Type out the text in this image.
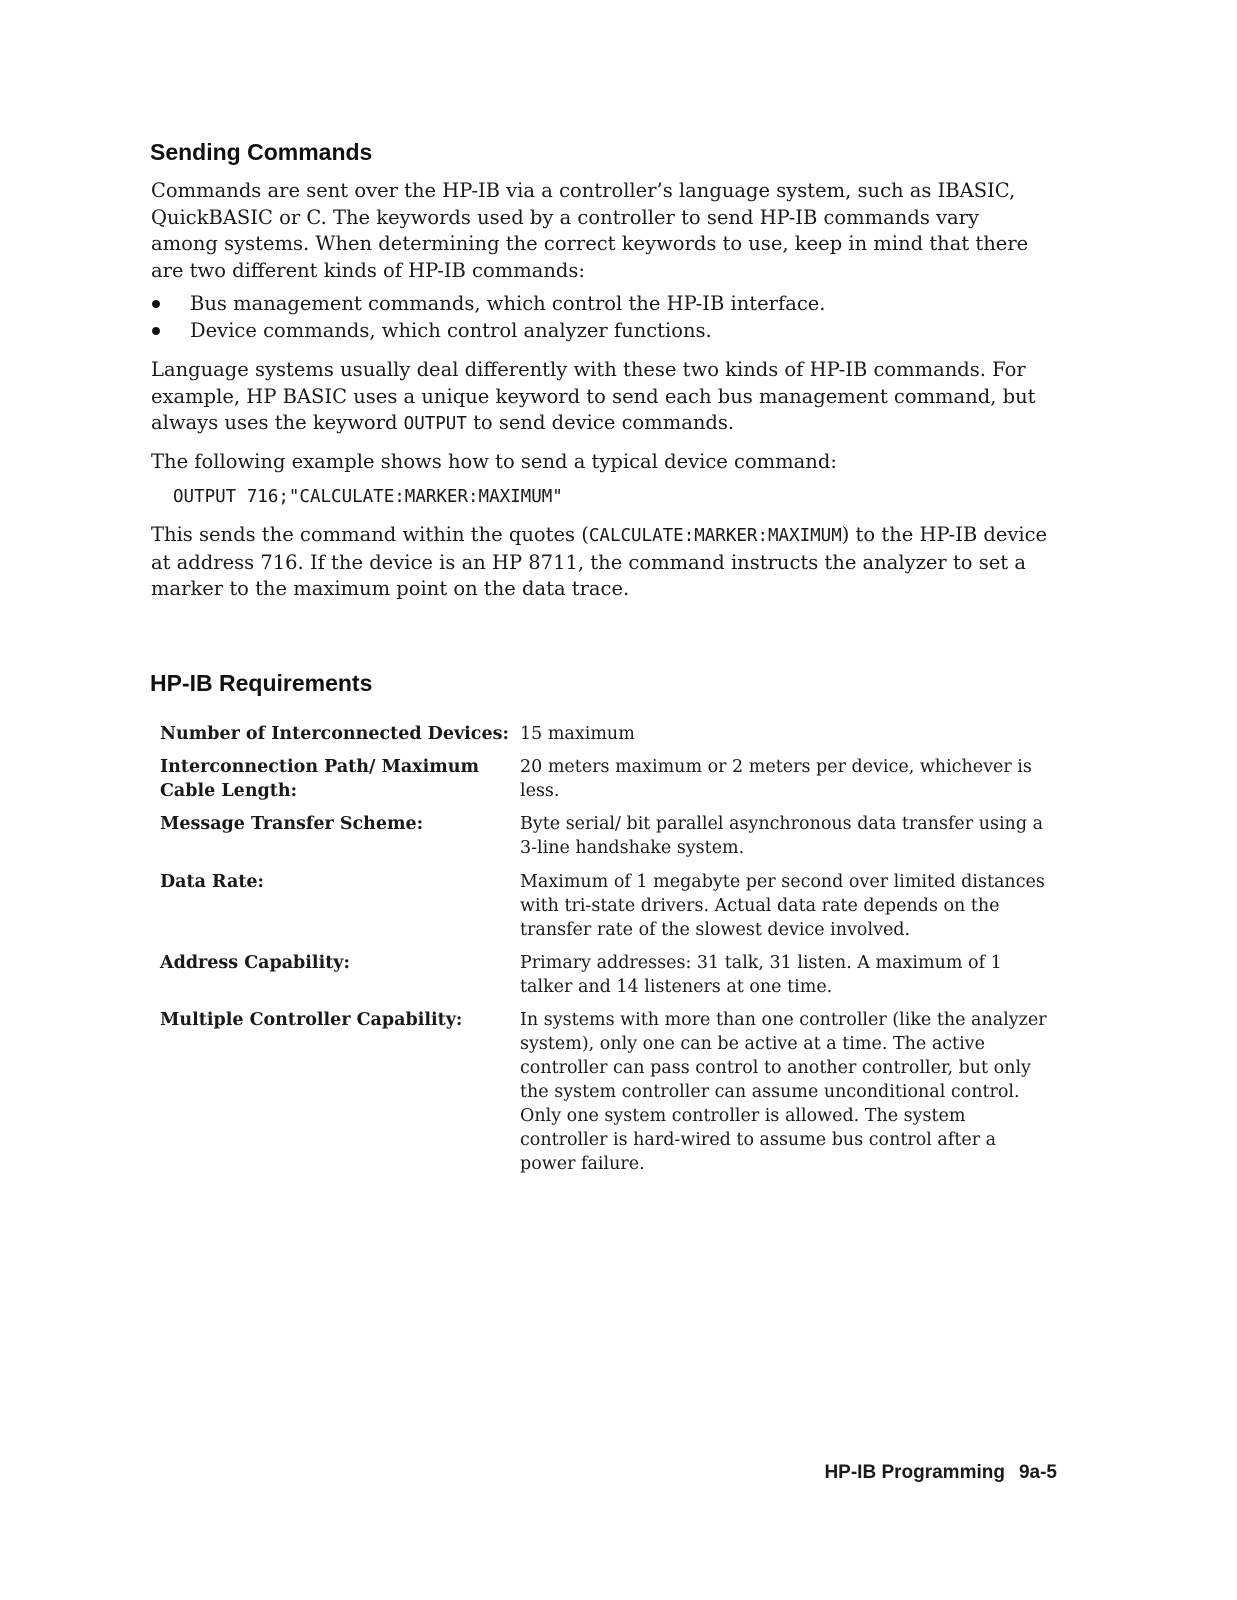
Sending Commands

Commands are sent over the HP-IB via a controller’s language system, such as IBASIC, QuickBASIC or C. The keywords used by a controller to send HP-IB commands vary among systems. When determining the correct keywords to use, keep in mind that there are two different kinds of HP-IB commands:

Bus management commands, which control the HP-IB interface.
Device commands, which control analyzer functions.

Language systems usually deal differently with these two kinds of HP-IB commands. For example, HP BASIC uses a unique keyword to send each bus management command, but always uses the keyword OUTPUT to send device commands.

The following example shows how to send a typical device command:

OUTPUT 716;"CALCULATE:MARKER:MAXIMUM"

This sends the command within the quotes (CALCULATE:MARKER:MAXIMUM) to the HP-IB device at address 716. If the device is an HP 8711, the command instructs the analyzer to set a marker to the maximum point on the data trace.

HP-IB Requirements

Number of Interconnected Devices: 15 maximum

Interconnection Path/ Maximum Cable Length:

20 meters maximum or 2 meters per device, whichever is less.

Message Transfer Scheme:	Byte serial/ bit parallel asynchronous data transfer using a 3-line handshake system.

Data Rate:	Maximum of 1 megabyte per second over limited distances with tri-state drivers. Actual data rate depends on the transfer rate of the slowest device involved.

Address Capability:	Primary addresses: 31 talk, 31 listen. A maximum of 1 talker and 14 listeners at one time.

Multiple Controller Capability:	In systems with more than one controller (like the analyzer system), only one can be active at a time. The active controller can pass control to another controller, but only the system controller can assume unconditional control. Only one system controller is allowed. The system controller is hard-wired to assume bus control after a power failure.

HP-IB Programming 9a-5
